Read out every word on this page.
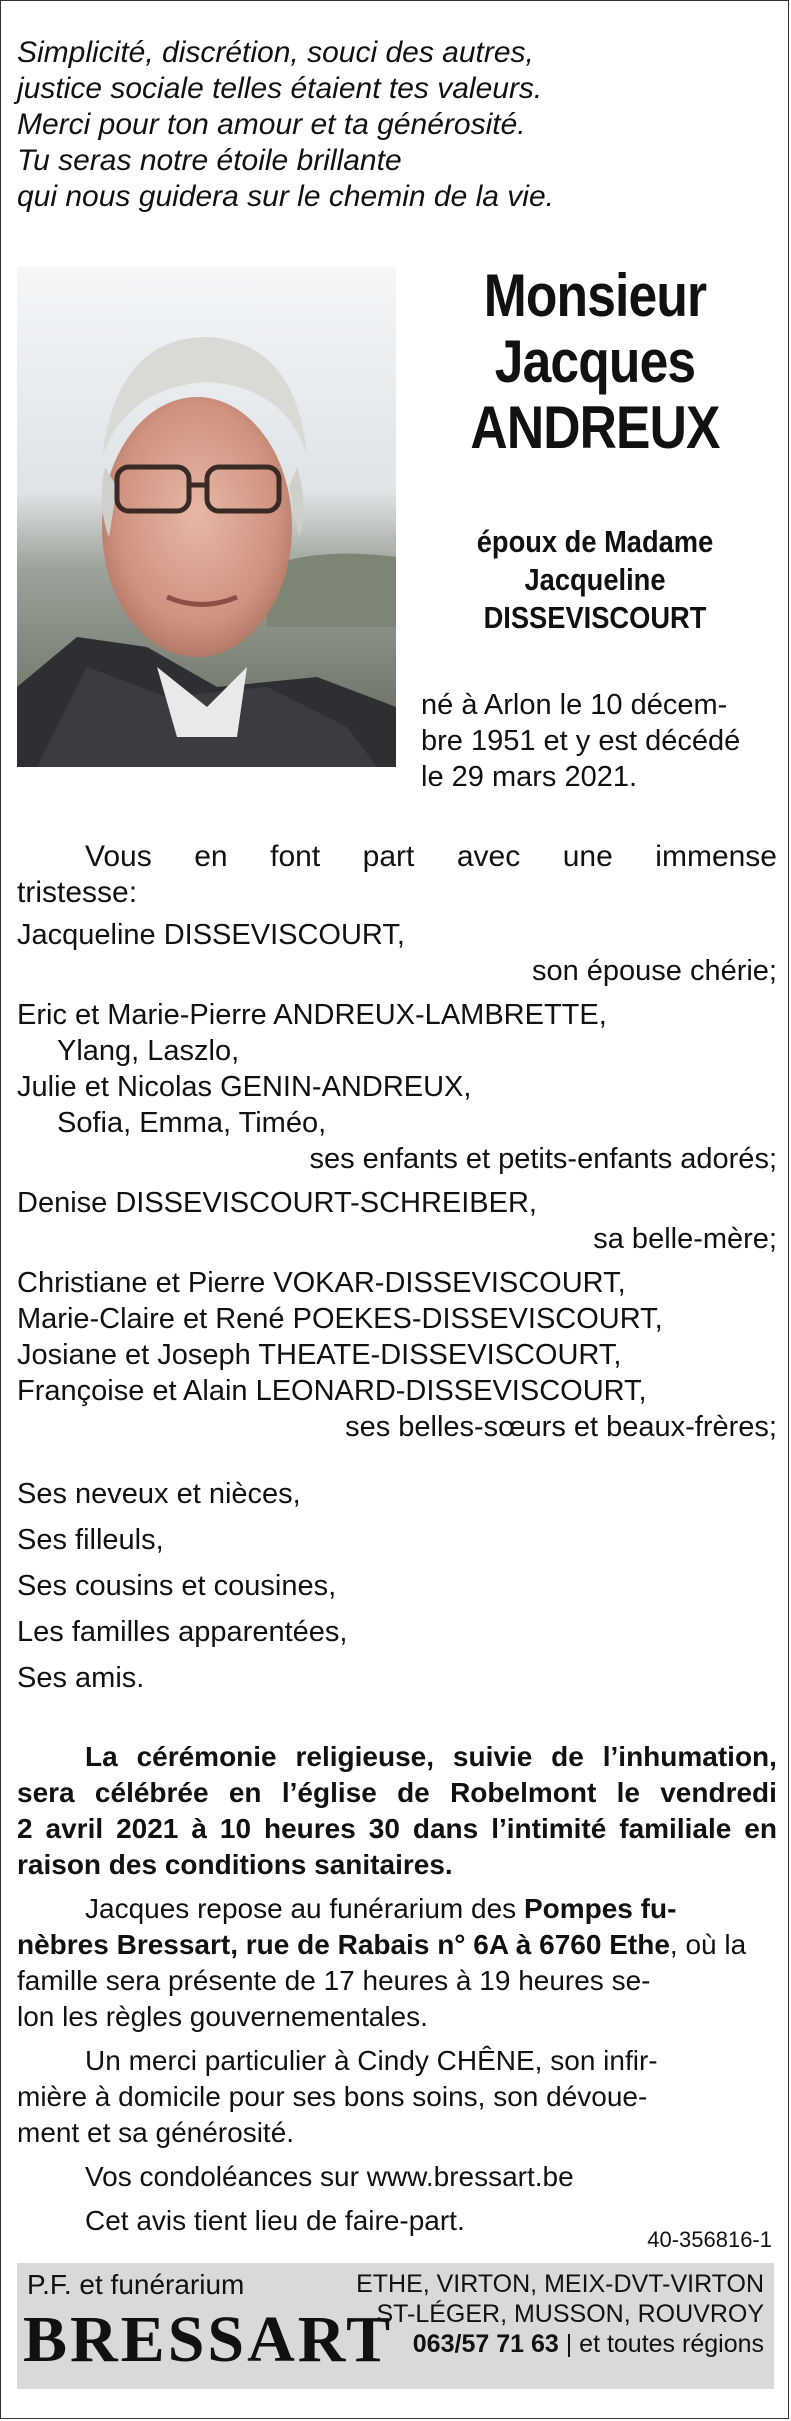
Simplicité, discrétion, souci des autres,
justice sociale telles étaient tes valeurs.
Merci pour ton amour et ta générosité.
Tu seras notre étoile brillante
qui nous guidera sur le chemin de la vie.
Monsieur
Jacques
ANDREUX
époux de Madame
Jacqueline
DISSEVISCOURT
né à Arlon le 10 décem-
bre 1951 et y est décédé
le 29 mars 2021.
Vous en font part avec une immense
tristesse:
Jacqueline DISSEVISCOURT,
son épouse chérie;
Eric et Marie-Pierre ANDREUX-LAMBRETTE,
Ylang, Laszlo,
Julie et Nicolas GENIN-ANDREUX,
Sofia, Emma, Timéo,
ses enfants et petits-enfants adorés;
Denise DISSEVISCOURT-SCHREIBER,
sa belle-mère;
Christiane et Pierre VOKAR-DISSEVISCOURT,
Marie-Claire et René POEKES-DISSEVISCOURT,
Josiane et Joseph THEATE-DISSEVISCOURT,
Françoise et Alain LEONARD-DISSEVISCOURT,
ses belles-sœurs et beaux-frères;
Ses neveux et nièces,
Ses filleuls,
Ses cousins et cousines,
Les familles apparentées,
Ses amis.
La cérémonie religieuse, suivie de l’inhumation,
sera célébrée en l’église de Robelmont le vendredi
2 avril 2021 à 10 heures 30 dans l’intimité familiale en
raison des conditions sanitaires.
Jacques repose au funérarium des Pompes fu-
nèbres Bressart, rue de Rabais n° 6A à 6760 Ethe, où la
famille sera présente de 17 heures à 19 heures se-
lon les règles gouvernementales.
Un merci particulier à Cindy CHÊNE, son infir-
mière à domicile pour ses bons soins, son dévoue-
ment et sa générosité.
Vos condoléances sur www.bressart.be
Cet avis tient lieu de faire-part.
40-356816-1
P.F. et funérarium
BRESSART
ETHE, VIRTON, MEIX-DVT-VIRTON
ST-LÉGER, MUSSON, ROUVROY
063/57 71 63 | et toutes régions
